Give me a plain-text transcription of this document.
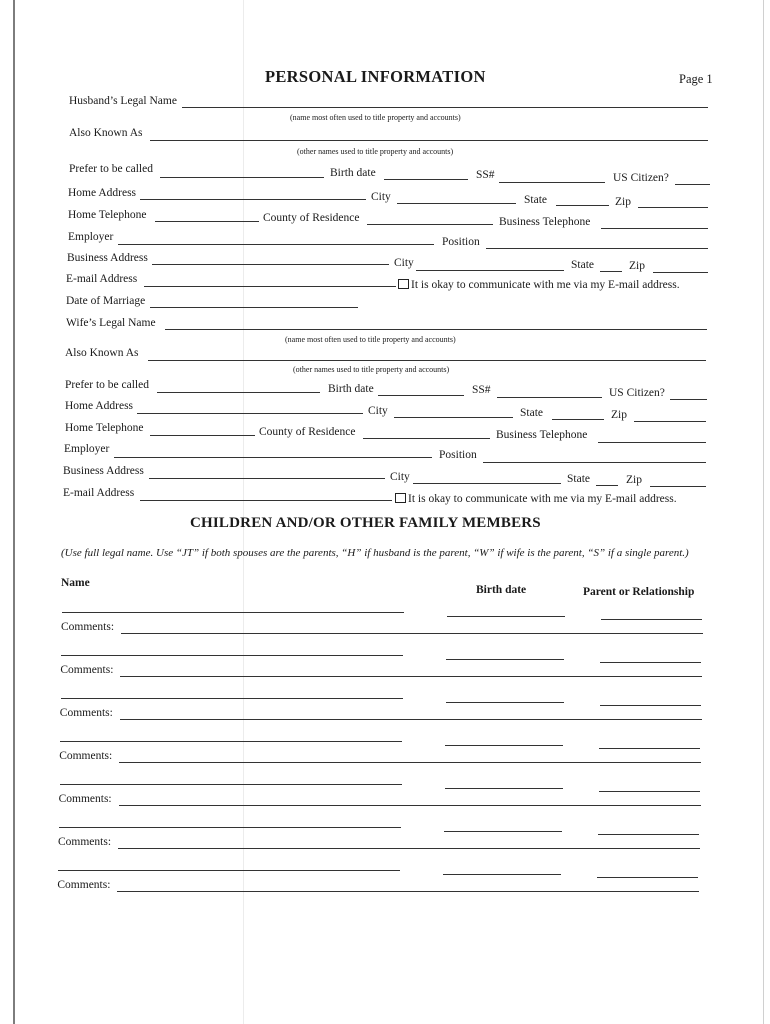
PERSONAL INFORMATION	Page 1
Husband’s Legal Name
(name most often used to title property and accounts)
Also Known As
(other names used to title property and accounts)
Prefer to be called	Birth date	SS#	US Citizen?
Home Address	City	State	Zip
Home Telephone	County of Residence	Business Telephone
Employer	Position
Business Address	City	State	Zip
E-mail Address	It is okay to communicate with me via my E-mail address.
Date of Marriage
Wife’s Legal Name
(name most often used to title property and accounts)
Also Known As
(other names used to title property and accounts)
Prefer to be called	Birth date	SS#	US Citizen?
Home Address	City	State	Zip
Home Telephone	County of Residence	Business Telephone
Employer	Position
Business Address	City	State	Zip
E-mail Address	It is okay to communicate with me via my E-mail address.
CHILDREN AND/OR OTHER FAMILY MEMBERS
(Use full legal name. Use “JT” if both spouses are the parents, “H” if husband is the parent, “W” if wife is the parent, “S” if a single parent.)
Name
Birth date	Parent or Relationship
Comments:
Comments:
Comments:
Comments:
Comments:
Comments:
Comments:
